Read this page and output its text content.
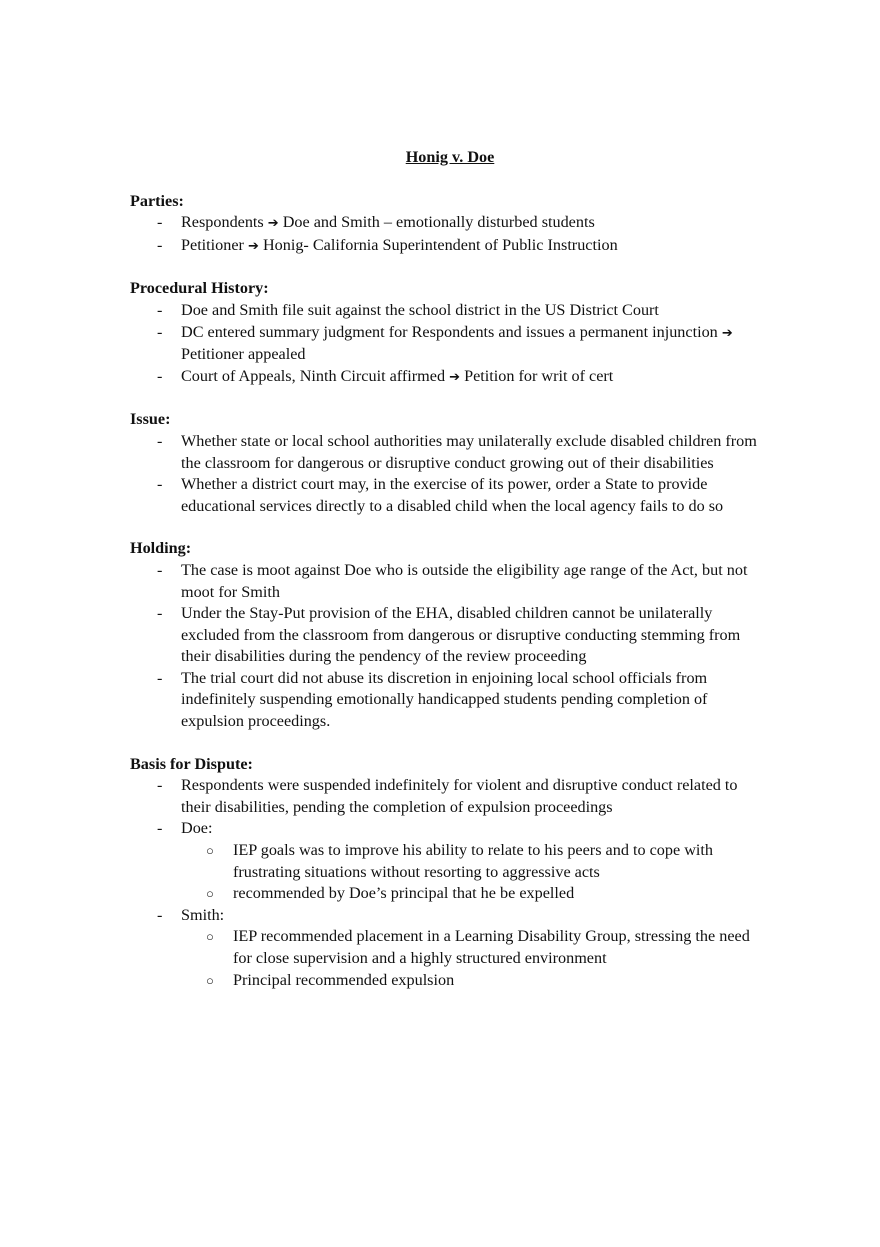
Honig v. Doe
Parties:
- Respondents ➔ Doe and Smith – emotionally disturbed students
- Petitioner ➔ Honig- California Superintendent of Public Instruction
Procedural History:
- Doe and Smith file suit against the school district in the US District Court
- DC entered summary judgment for Respondents and issues a permanent injunction ➔ Petitioner appealed
- Court of Appeals, Ninth Circuit affirmed ➔ Petition for writ of cert
Issue:
- Whether state or local school authorities may unilaterally exclude disabled children from the classroom for dangerous or disruptive conduct growing out of their disabilities
- Whether a district court may, in the exercise of its power, order a State to provide educational services directly to a disabled child when the local agency fails to do so
Holding:
- The case is moot against Doe who is outside the eligibility age range of the Act, but not moot for Smith
- Under the Stay-Put provision of the EHA, disabled children cannot be unilaterally excluded from the classroom from dangerous or disruptive conducting stemming from their disabilities during the pendency of the review proceeding
- The trial court did not abuse its discretion in enjoining local school officials from indefinitely suspending emotionally handicapped students pending completion of expulsion proceedings.
Basis for Dispute:
- Respondents were suspended indefinitely for violent and disruptive conduct related to their disabilities, pending the completion of expulsion proceedings
- Doe:
○ IEP goals was to improve his ability to relate to his peers and to cope with frustrating situations without resorting to aggressive acts
○ recommended by Doe’s principal that he be expelled
- Smith:
○ IEP recommended placement in a Learning Disability Group, stressing the need for close supervision and a highly structured environment
○ Principal recommended expulsion
